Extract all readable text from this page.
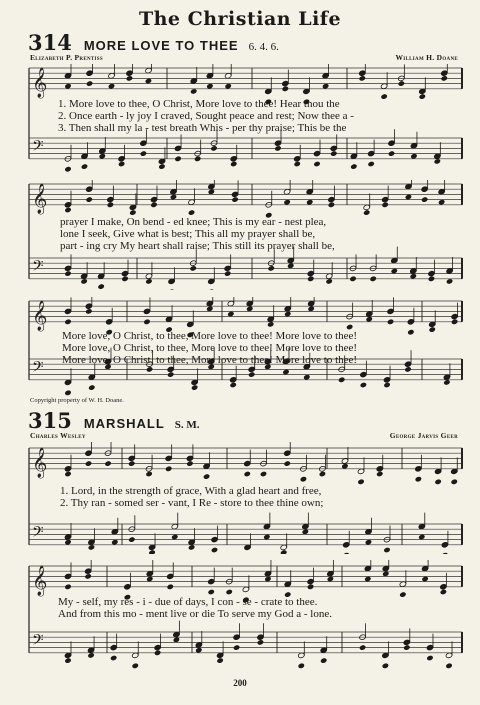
The Christian Life
314 MORE LOVE TO THEE 6. 4. 6.
Elizabeth P. Prentiss	William H. Doane
𝄞
𝄢
1. More love to thee, O Christ, More love to thee! Hear thou the
2. Once earth - ly joy I craved, Sought peace and rest; Now thee a -
3. Then shall my la - test breath Whis - per thy praise; This be the
𝄞
𝄢
prayer I make, On bend - ed knee; This is my ear - nest plea,
lone I seek, Give what is best; This all my prayer shall be,
part - ing cry My heart shall raise; This still its prayer shall be,
𝄞
𝄢
More love, O Christ, to thee, More love to thee! More love to thee!
More love, O Christ, to thee, More love to thee! More love to thee!
More love, O Christ, to thee, More love to thee! More love to thee!
Copyright property of W. H. Doane.
315 MARSHALL S. M.
Charles Wesley	George Jarvis Geer
𝄞
𝄢
1. Lord, in the strength of grace, With a glad heart and free,
2. Thy ran - somed ser - vant, I Re - store to thee thine own;
𝄞
𝄢
My - self, my res - i - due of days, I con - se - crate to thee.
And from this mo - ment live or die To serve my God a - lone.
200
